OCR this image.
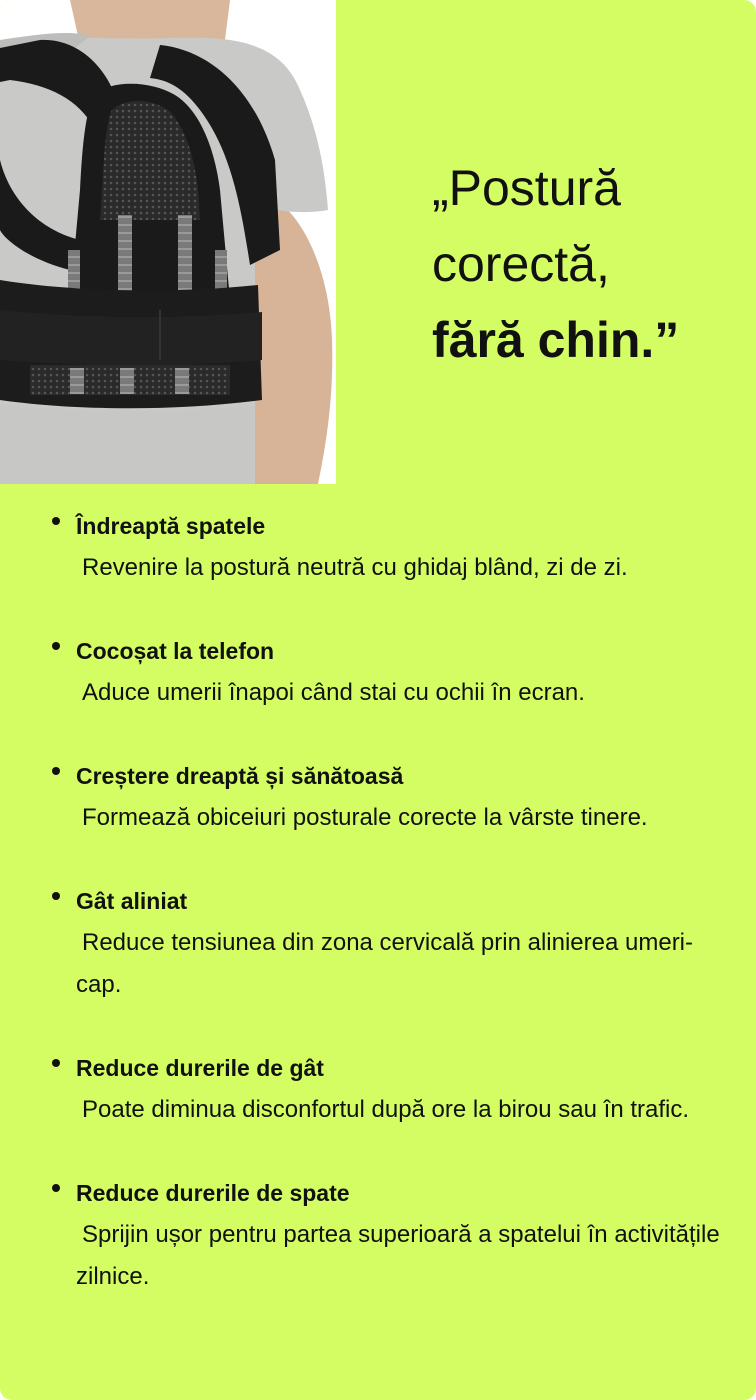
„Postură
corectă,
fără chin.”
Îndreaptă spatele
Revenire la postură neutră cu ghidaj blând, zi de zi.
Cocoșat la telefon
Aduce umerii înapoi când stai cu ochii în ecran.
Creștere dreaptă și sănătoasă
Formează obiceiuri posturale corecte la vârste tinere.
Gât aliniat
Reduce tensiunea din zona cervicală prin alinierea umeri-cap.
Reduce durerile de gât
Poate diminua disconfortul după ore la birou sau în trafic.
Reduce durerile de spate
Sprijin ușor pentru partea superioară a spatelui în activitățile zilnice.
